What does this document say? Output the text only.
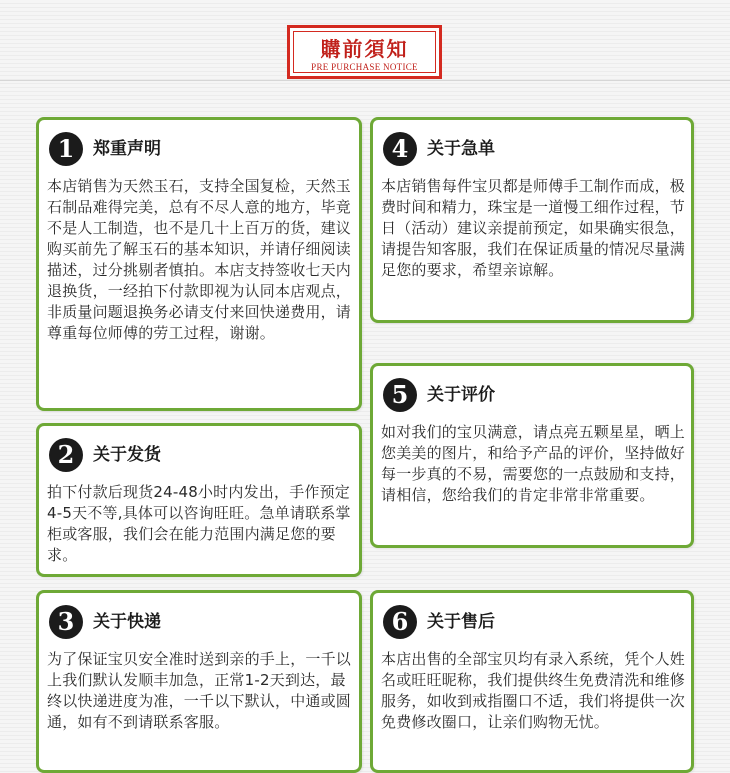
購前須知
PRE PURCHASE NOTICE
1	郑重声明
本店销售为天然玉石，支持全国复检，天然玉石制品难得完美，总有不尽人意的地方，毕竟不是人工制造，也不是几十上百万的货，建议购买前先了解玉石的基本知识，并请仔细阅读描述，过分挑剔者慎拍。本店支持签收七天内退换货，一经拍下付款即视为认同本店观点，非质量问题退换务必请支付来回快递费用，请尊重每位师傅的劳工过程，谢谢。
2	关于发货
拍下付款后现货24-48小时内发出，手作预定4-5天不等,具体可以咨询旺旺。急单请联系掌柜或客服，我们会在能力范围内满足您的要求。
3	关于快递
为了保证宝贝安全准时送到亲的手上，一千以上我们默认发顺丰加急，正常1-2天到达，最终以快递进度为准，一千以下默认，中通或圆通，如有不到请联系客服。
4	关于急单
本店销售每件宝贝都是师傅手工制作而成，极费时间和精力，珠宝是一道慢工细作过程，节日（活动）建议亲提前预定，如果确实很急，请提告知客服，我们在保证质量的情况尽量满足您的要求，希望亲谅解。
5	关于评价
如对我们的宝贝满意，请点亮五颗星星，晒上您美美的图片，和给予产品的评价，坚持做好每一步真的不易，需要您的一点鼓励和支持，请相信，您给我们的肯定非常非常重要。
6	关于售后
本店出售的全部宝贝均有录入系统，凭个人姓名或旺旺昵称，我们提供终生免费清洗和维修服务，如收到戒指圈口不适，我们将提供一次免费修改圈口，让亲们购物无忧。
